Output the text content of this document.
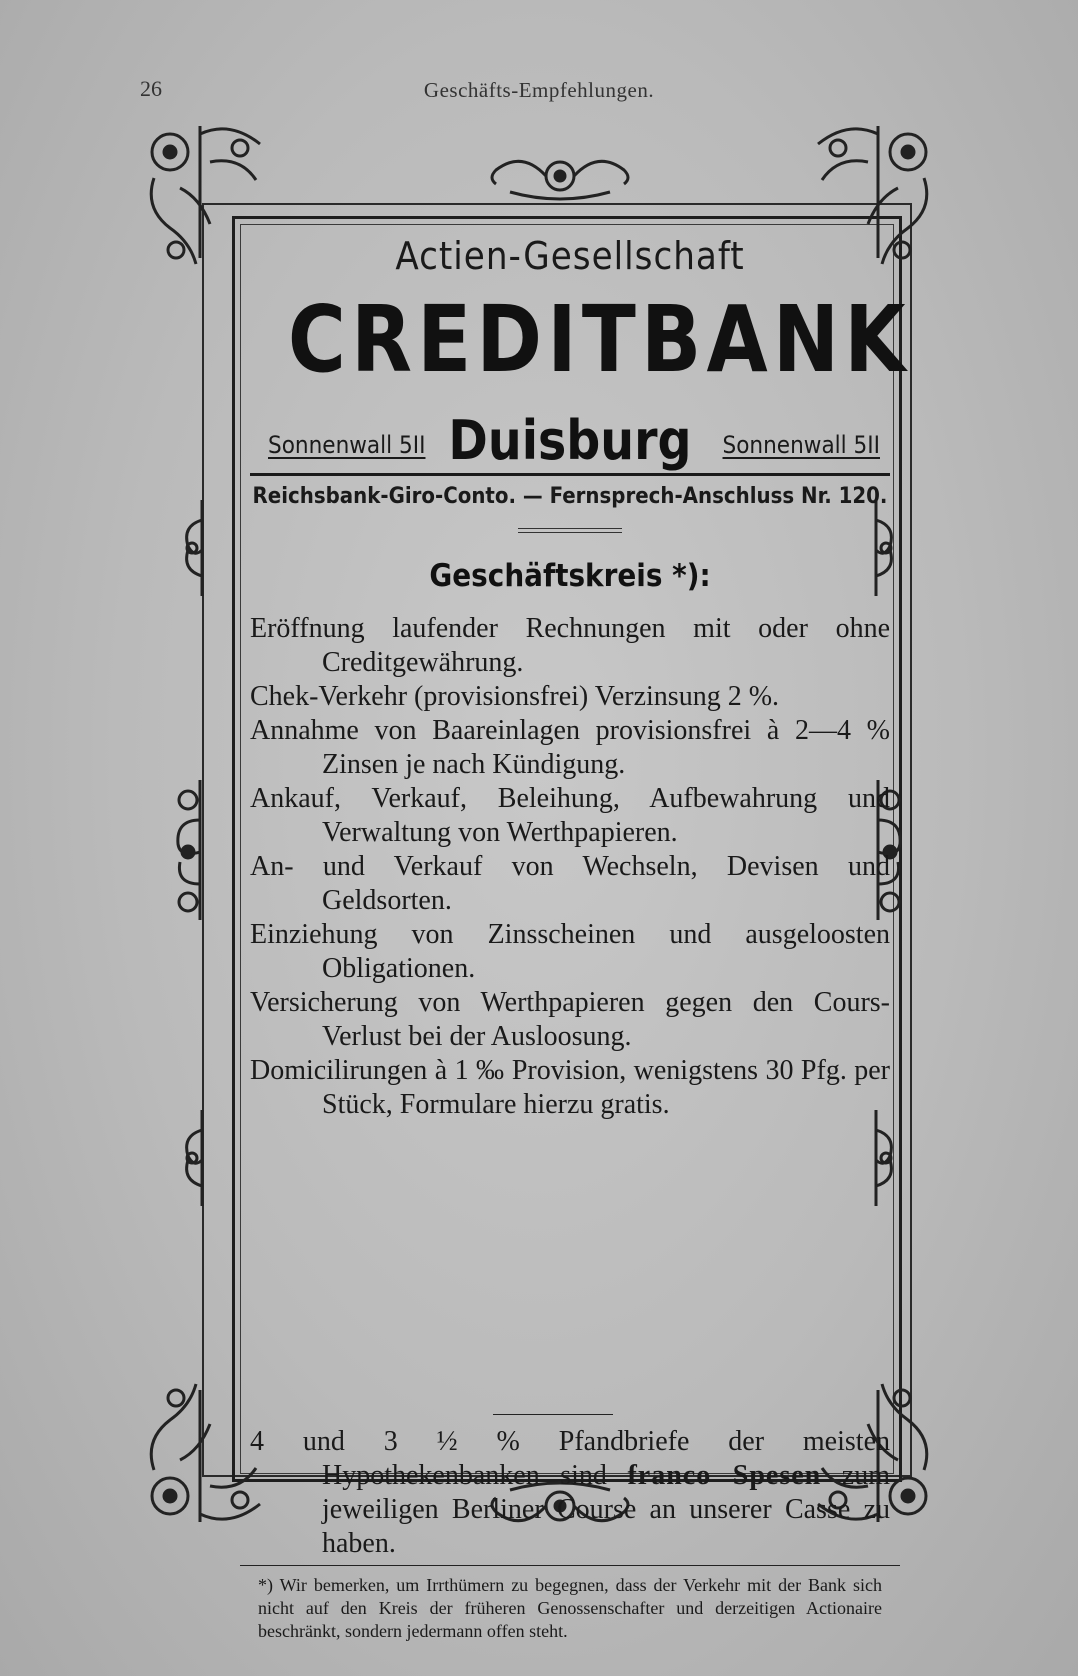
26	Geschäfts-Empfehlungen.
Actien-Gesellschaft
CREDITBANK
Sonnenwall 5II Duisburg	Sonnenwall 5II
Reichsbank-Giro-Conto. — Fernsprech-Anschluss Nr. 120.
Geschäftskreis *):
Eröffnung laufender Rechnungen mit oder ohne Creditgewährung.
Chek-Verkehr (provisionsfrei) Verzinsung 2 %.
Annahme von Baareinlagen provisionsfrei à 2—4 % Zinsen je nach Kündigung.
Ankauf, Verkauf, Beleihung, Aufbewahrung und Verwaltung von Werthpapieren.
An- und Verkauf von Wechseln, Devisen und Geldsorten.
Einziehung von Zinsscheinen und ausgeloosten Obligationen.
Versicherung von Werthpapieren gegen den Cours-Verlust bei der Ausloosung.
Domicilirungen à 1 ‰ Provision, wenigstens 30 Pfg. per Stück, Formulare hierzu gratis.
4 und 3 ½ % Pfandbriefe der meisten Hypothekenbanken sind franco Spesen zum jeweiligen Berliner Course an unserer Casse zu haben.
*) Wir bemerken, um Irrthümern zu begegnen, dass der Verkehr mit der Bank sich nicht auf den Kreis der früheren Genossenschafter und derzeitigen Actionaire beschränkt, sondern jedermann offen steht.
